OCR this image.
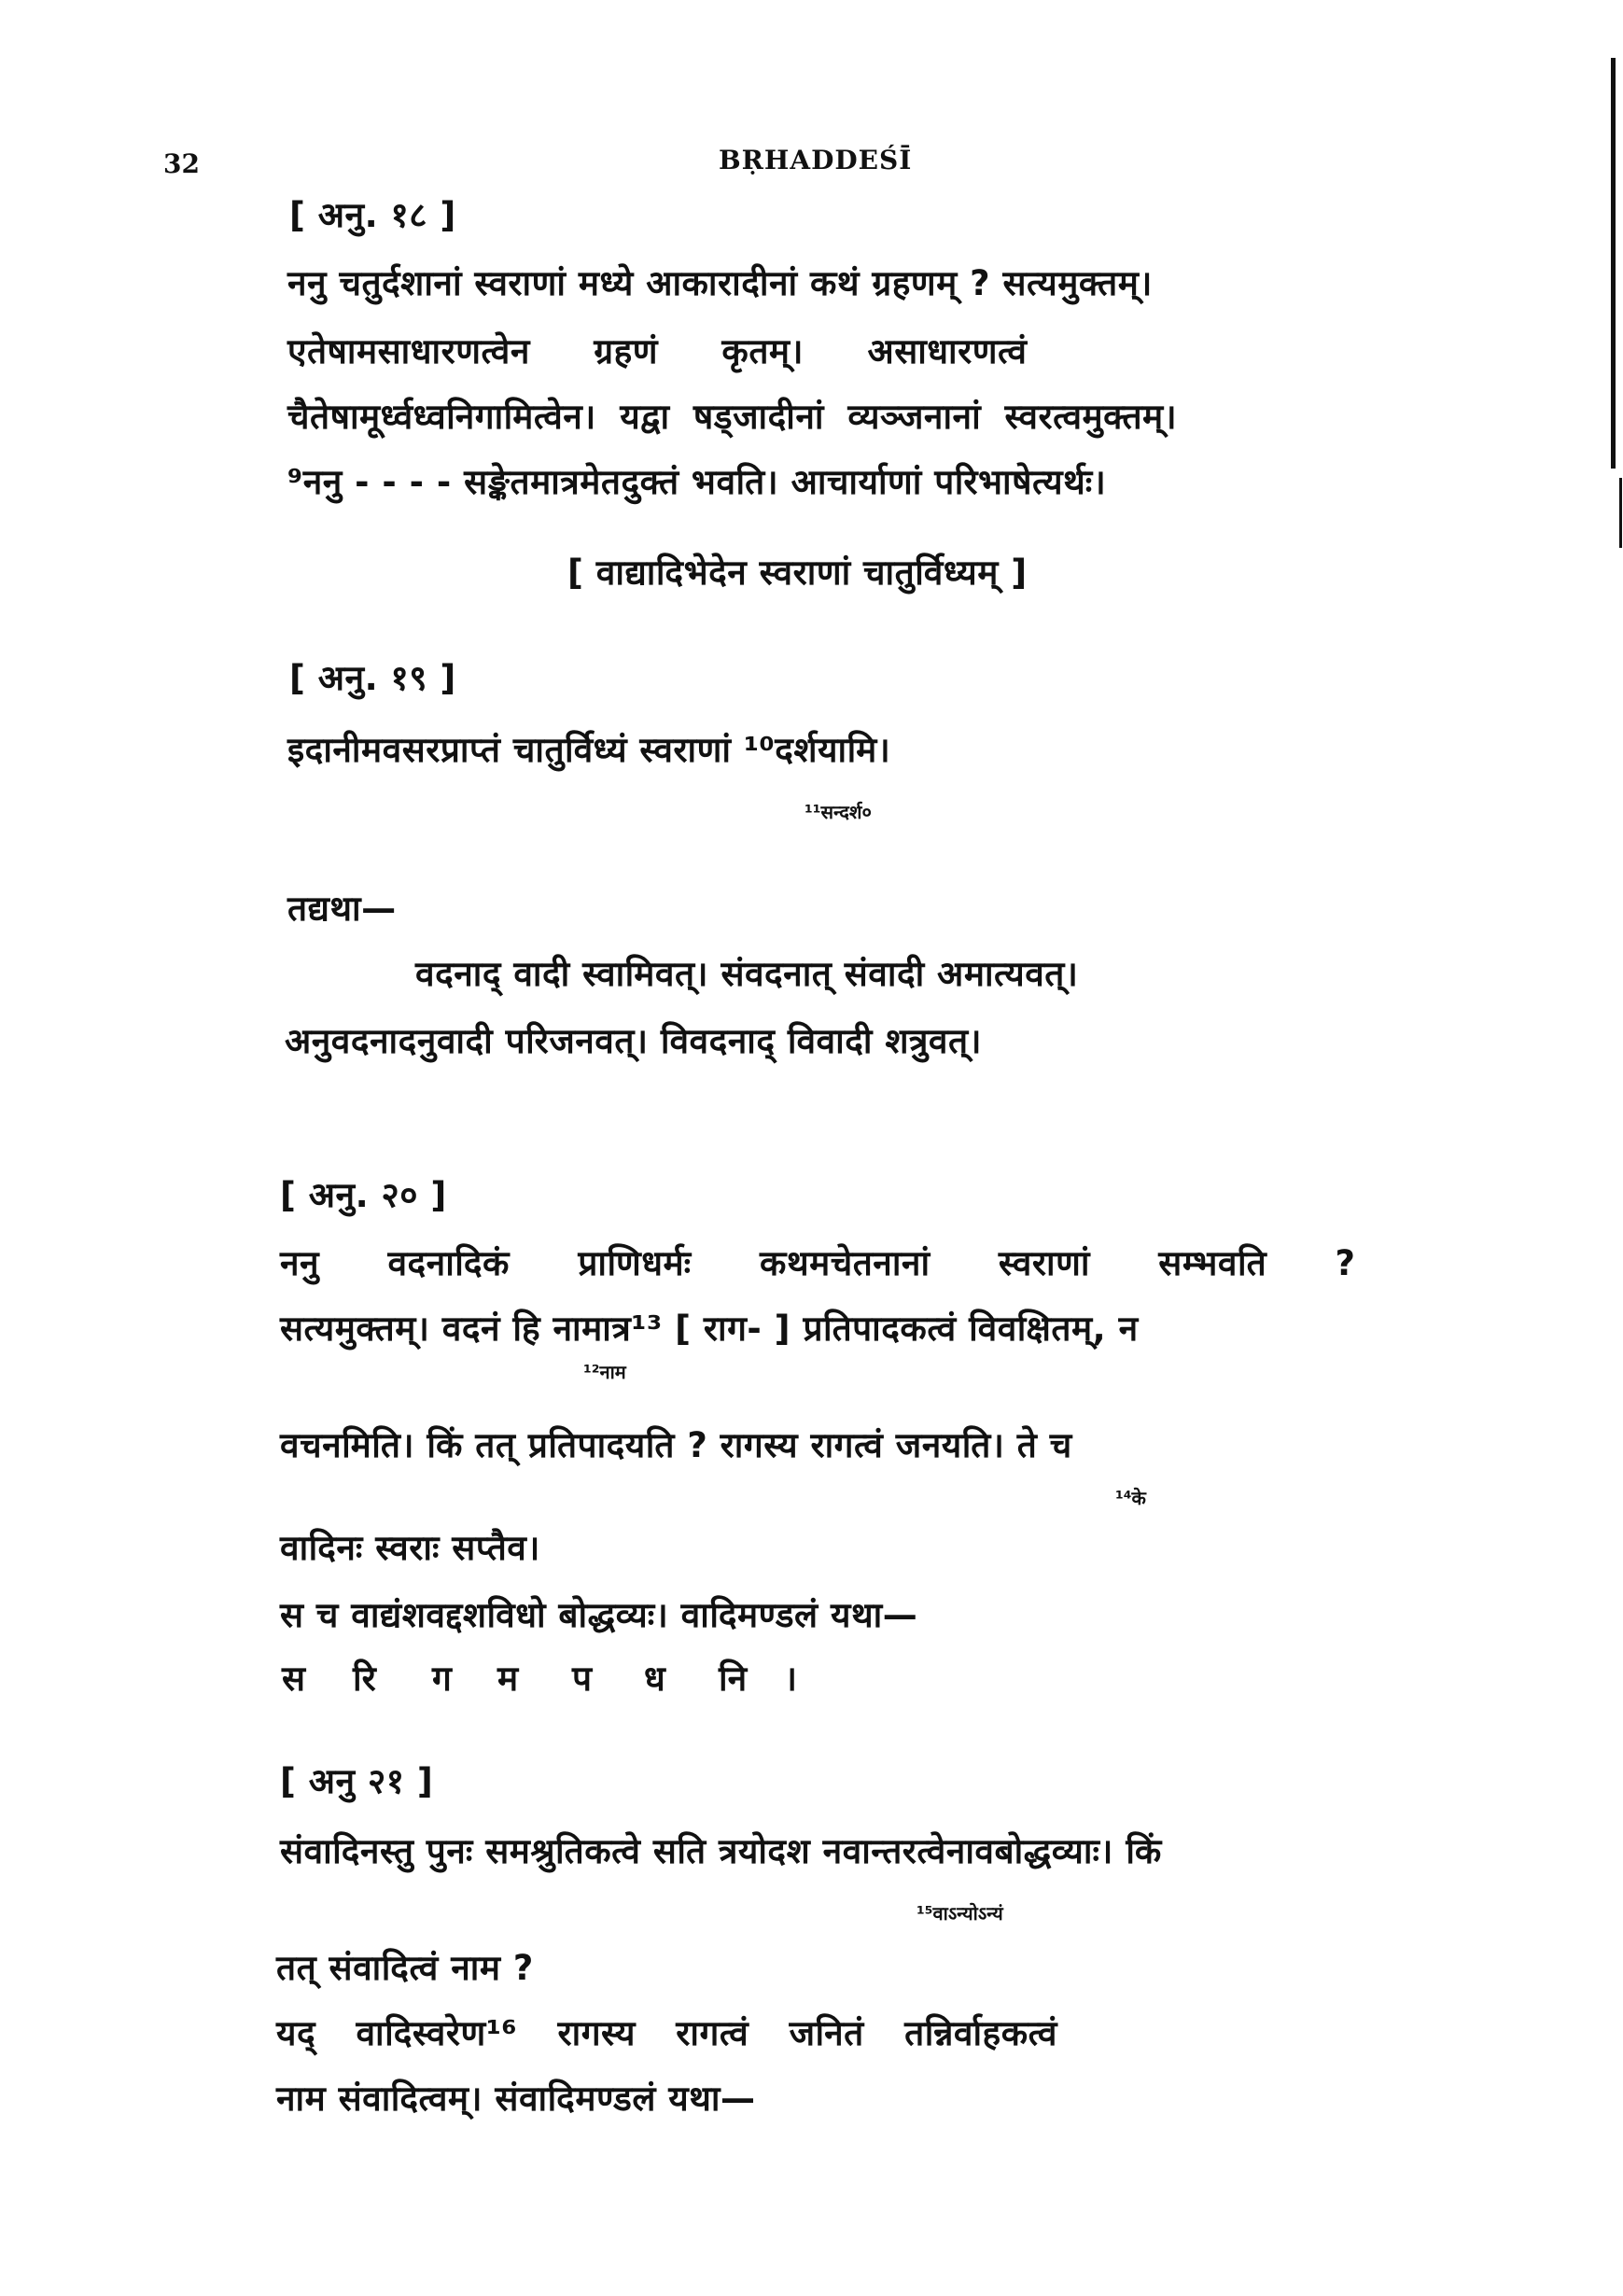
32	BṚHADDEŚĪ
[ अनु. १८ ]
ननु चतुर्दशानां स्वराणां मध्ये आकारादीनां कथं ग्रहणम् ? सत्यमुक्तम्।
एतेषामसाधारणत्वेन ग्रहणं कृतम्। असाधारणत्वं
चैतेषामूर्ध्वध्वनिगामित्वेन। यद्वा षड्जादीनां व्यञ्जनानां स्वरत्वमुक्तम्।
⁹ननु - - - - सङ्केतमात्रमेतदुक्तं भवति। आचार्याणां परिभाषेत्यर्थः।
[ वाद्यादिभेदेन स्वराणां चातुर्विध्यम् ]
[ अनु. १९ ]
इदानीमवसरप्राप्तं चातुर्विध्यं स्वराणां ¹⁰दर्शयामि।
¹¹सन्दर्श०
तद्यथा—
वदनाद् वादी स्वामिवत्। संवदनात् संवादी अमात्यवत्।
अनुवदनादनुवादी परिजनवत्। विवदनाद् विवादी शत्रुवत्।
[ अनु. २० ]
ननु वदनादिकं प्राणिधर्मः कथमचेतनानां स्वराणां सम्भवति ?
सत्यमुक्तम्। वदनं हि नामात्र¹³ [ राग- ] प्रतिपादकत्वं विवक्षितम्, न
¹²नाम
वचनमिति। किं तत् प्रतिपादयति ? रागस्य रागत्वं जनयति। ते च
¹⁴के
वादिनः स्वराः सप्तैव।
स च वाद्यंशवद्दशविधो बोद्धव्यः। वादिमण्डलं यथा—
स रि ग म प ध नि ।
[ अनु २१ ]
संवादिनस्तु पुनः समश्रुतिकत्वे सति त्रयोदश नवान्तरत्वेनावबोद्धव्याः। किं
¹⁵वाऽन्योऽन्यं
तत् संवादित्वं नाम ?
यद् वादिस्वरेण¹⁶ रागस्य रागत्वं जनितं तन्निर्वाहकत्वं
नाम संवादित्वम्। संवादिमण्डलं यथा—
